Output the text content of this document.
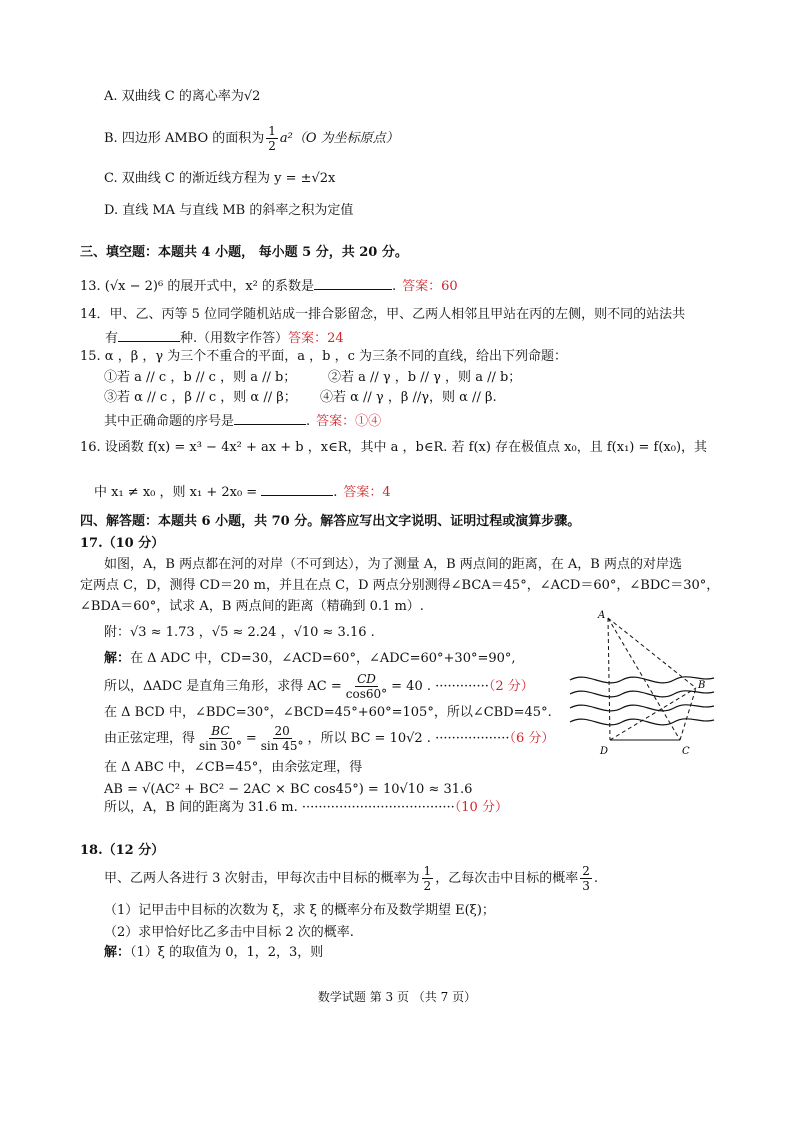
A. 双曲线 C 的离心率为√2
B. 四边形 AMBO 的面积为 $\frac{1}{2} a^2(O$ 为坐标原点）
C. 双曲线 C 的渐近线方程为 y = ±√2x
D. 直线 MA 与直线 MB 的斜率之积为定值
三、填空题：本题共 4 小题， 每小题 5 分，共 20 分。
13. (√x − 2)⁶ 的展开式中，x² 的系数是	. 答案：60
14．甲、乙、丙等 5 位同学随机站成一排合影留念，甲、乙两人相邻且甲站在丙的左侧，则不同的站法共
有	种.（用数字作答）答案：24
15. α ，β ，γ 为三个不重合的平面，a ，b ，c 为三条不同的直线，给出下列命题：
①若 a // c ，b // c ，则 a // b； ②若 a // γ ，b // γ ，则 a // b；
③若 α // c ，β // c ，则 α // β； ④若 α // γ ，β //γ，则 α // β.
其中正确命题的序号是	. 答案：①④
16. 设函数 f(x) = x³ − 4x² + ax + b ，x∈R，其中 a ，b∈R. 若 f(x) 存在极值点 x₀，且 f(x₁) = f(x₀)，其
中 x₁ ≠ x₀ ，则 x₁ + 2x₀ =	. 答案：4
四、解答题：本题共 6 小题，共 70 分。解答应写出文字说明、证明过程或演算步骤。
17.（10 分）
如图，A，B 两点都在河的对岸（不可到达），为了测量 A，B 两点间的距离，在 A，B 两点的对岸选
定两点 C，D，测得 CD＝20 m，并且在点 C，D 两点分别测得∠BCA＝45°，∠ACD＝60°，∠BDC＝30°，
∠BDA＝60°，试求 A，B 两点间的距离（精确到 0.1 m）.
附：√3 ≈ 1.73 ，√5 ≈ 2.24 ，√10 ≈ 3.16 .
解：在 Δ ADC 中，CD=30，∠ACD=60°，∠ADC=60°+30°=90°,
所以，ΔADC 是直角三角形，求得 AC = $\frac{CD}{\cos 60^\circ} = 40$ . ·············（2 分）
在 Δ BCD 中，∠BDC=30°，∠BCD=45°+60°=105°，所以∠CBD=45°.
由正弦定理，得 $\frac{BC}{\sin 30^\circ} = \frac{20}{\sin 45^\circ}$ ，所以 BC = 10√2 . ··················（6 分）
在 Δ ABC 中，∠CB=45°，由余弦定理，得
AB = √(AC² + BC² − 2AC × BC cos45°) = 10√10 ≈ 31.6
所以，A，B 间的距离为 31.6 m. ·····································（10 分）
A
B
C
D
18.（12 分）
甲、乙两人各进行 3 次射击，甲每次击中目标的概率为 $\frac{1}{2}$ ，乙每次击中目标的概率 $\frac{2}{3}$ .
（1）记甲击中目标的次数为 ξ，求 ξ 的概率分布及数学期望 E(ξ)；
（2）求甲恰好比乙多击中目标 2 次的概率.
解：（1）ξ 的取值为 0，1，2，3，则
数学试题 第 3 页 （共 7 页）
